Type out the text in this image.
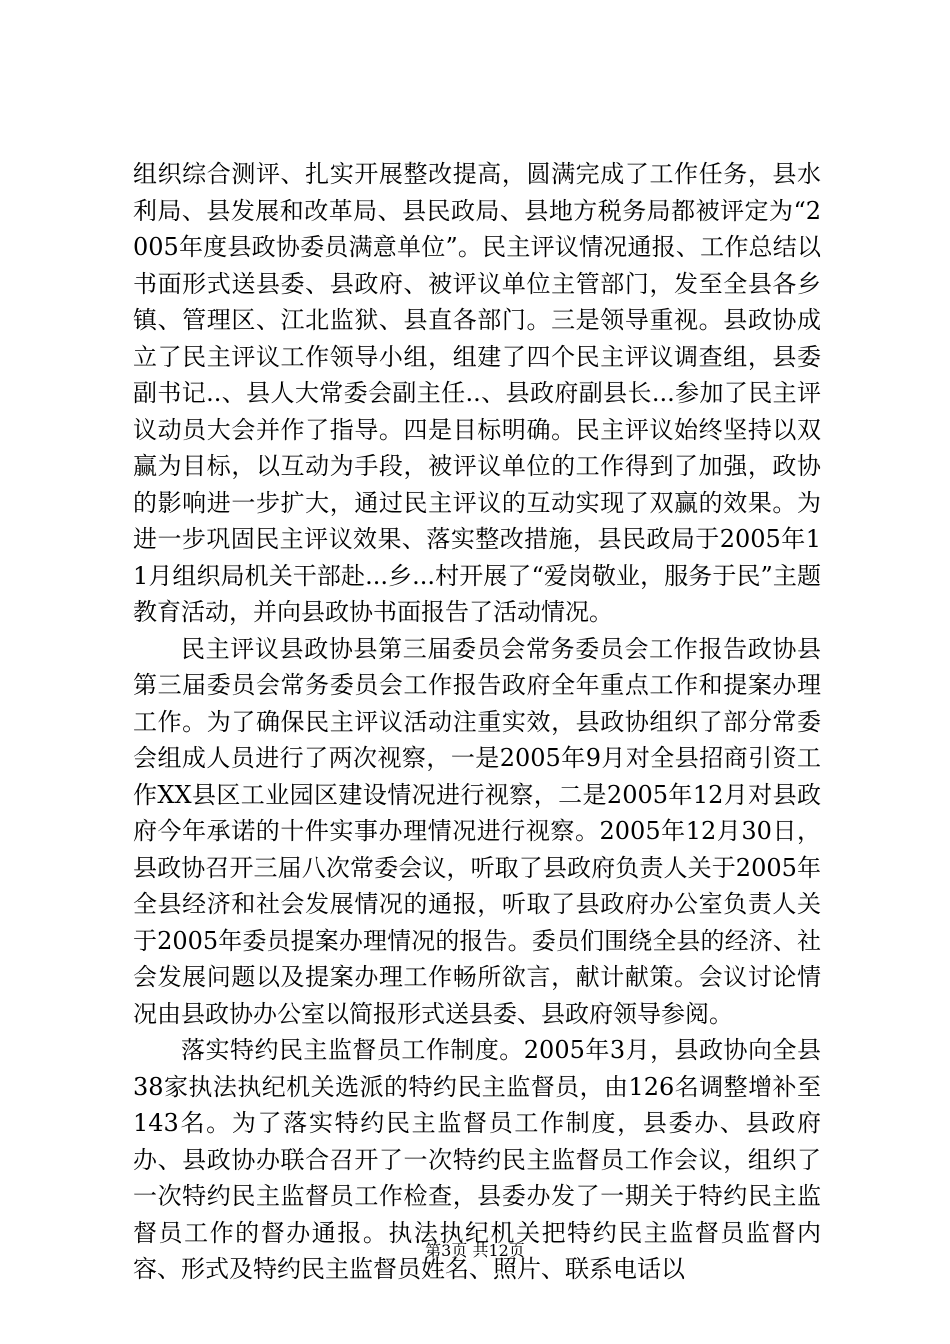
组织综合测评、扎实开展整改提高，圆满完成了工作任务，县水利局、县发展和改革局、县民政局、县地方税务局都被评定为“2005年度县政协委员满意单位”。民主评议情况通报、工作总结以书面形式送县委、县政府、被评议单位主管部门，发至全县各乡镇、管理区、江北监狱、县直各部门。三是领导重视。县政协成立了民主评议工作领导小组，组建了四个民主评议调查组，县委副书记..、县人大常委会副主任..、县政府副县长...参加了民主评议动员大会并作了指导。四是目标明确。民主评议始终坚持以双赢为目标，以互动为手段，被评议单位的工作得到了加强，政协的影响进一步扩大，通过民主评议的互动实现了双赢的效果。为进一步巩固民主评议效果、落实整改措施，县民政局于2005年11月组织局机关干部赴...乡...村开展了“爱岗敬业，服务于民”主题教育活动，并向县政协书面报告了活动情况。

民主评议县政协县第三届委员会常务委员会工作报告政协县第三届委员会常务委员会工作报告政府全年重点工作和提案办理工作。为了确保民主评议活动注重实效，县政协组织了部分常委会组成人员进行了两次视察，一是2005年9月对全县招商引资工作XX县区工业园区建设情况进行视察，二是2005年12月对县政府今年承诺的十件实事办理情况进行视察。2005年12月30日，县政协召开三届八次常委会议，听取了县政府负责人关于2005年全县经济和社会发展情况的通报，听取了县政府办公室负责人关于2005年委员提案办理情况的报告。委员们围绕全县的经济、社会发展问题以及提案办理工作畅所欲言，献计献策。会议讨论情况由县政协办公室以简报形式送县委、县政府领导参阅。

落实特约民主监督员工作制度。2005年3月，县政协向全县38家执法执纪机关选派的特约民主监督员，由126名调整增补至143名。为了落实特约民主监督员工作制度，县委办、县政府办、县政协办联合召开了一次特约民主监督员工作会议，组织了一次特约民主监督员工作检查，县委办发了一期关于特约民主监督员工作的督办通报。执法执纪机关把特约民主监督员监督内容、形式及特约民主监督员姓名、照片、联系电话以

第3页 共12页
